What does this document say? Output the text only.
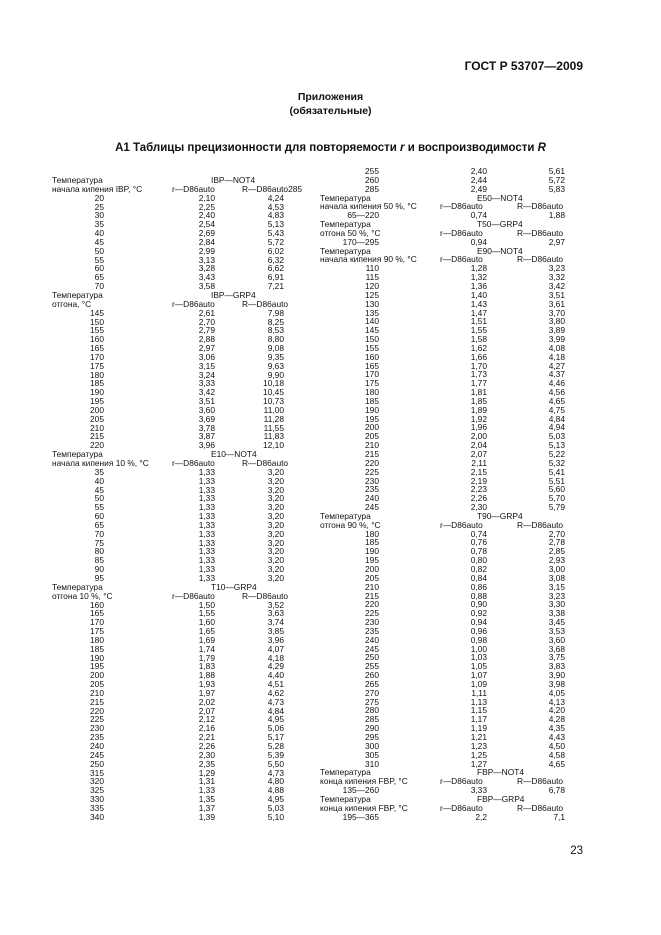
ГОСТ Р 53707—2009
Приложения
(обязательные)
А1 Таблицы прецизионности для повторяемости r и воспроизводимости R
Температура	IBP—NOT4
начала кипения IBP, °С	r—D86auto	R—D86auto285
20	2,10	4,24
25	2,25	4,53
30	2,40	4,83
35	2,54	5,13
40	2,69	5,43
45	2,84	5,72
50	2,99	6,02
55	3,13	6,32
60	3,28	6,62
65	3,43	6,91
70	3,58	7,21
Температура	IBP—GRP4
отгона, °С	r—D86auto	R—D86auto
145	2,61	7,98
150	2,70	8,25
155	2,79	8,53
160	2,88	8,80
165	2,97	9,08
170	3,06	9,35
175	3,15	9,63
180	3,24	9,90
185	3,33	10,18
190	3,42	10,45
195	3,51	10,73
200	3,60	11,00
205	3,69	11,28
210	3,78	11,55
215	3,87	11,83
220	3,96	12,10
Температура	E10—NOT4
начала кипения 10 %, °С	r—D86auto	R—D86auto
35	1,33	3,20
40	1,33	3,20
45	1,33	3,20
50	1,33	3,20
55	1,33	3,20
60	1,33	3,20
65	1,33	3,20
70	1,33	3,20
75	1,33	3,20
80	1,33	3,20
85	1,33	3,20
90	1,33	3,20
95	1,33	3,20
Температура	T10—GRP4
отгона 10 %, °С	r—D86auto	R—D86auto
160	1,50	3,52
165	1,55	3,63
170	1,60	3,74
175	1,65	3,85
180	1,69	3,96
185	1,74	4,07
190	1,79	4,18
195	1,83	4,29
200	1,88	4,40
205	1,93	4,51
210	1,97	4,62
215	2,02	4,73
220	2,07	4,84
225	2,12	4,95
230	2,16	5,06
235	2,21	5,17
240	2,26	5,28
245	2,30	5,39
250	2,35	5,50
315	1,29	4,73
320	1,31	4,80
325	1,33	4,88
330	1,35	4,95
335	1,37	5,03
340	1,39	5,10
255	2,40	5,61
260	2,44	5,72
285	2,49	5,83
Температура	E50—NOT4
начала кипения 50 %, °С	r—D86auto	R—D86auto
65—220	0,74	1,88
Температура	T50—GRP4
отгона 50 %, °С	r—D86auto	R—D86auto
170—295	0,94	2,97
Температура	E90—NOT4
начала кипения 90 %, °С	r—D86auto	R—D86auto
110	1,28	3,23
115	1,32	3,32
120	1,36	3,42
125	1,40	3,51
130	1,43	3,61
135	1,47	3,70
140	1,51	3,80
145	1,55	3,89
150	1,58	3,99
155	1,62	4,08
160	1,66	4,18
165	1,70	4,27
170	1,73	4,37
175	1,77	4,46
180	1,81	4,56
185	1,85	4,65
190	1,89	4,75
195	1,92	4,84
200	1,96	4,94
205	2,00	5,03
210	2,04	5,13
215	2,07	5,22
220	2,11	5,32
225	2,15	5,41
230	2,19	5,51
235	2,23	5,60
240	2,26	5,70
245	2,30	5,79
Температура	T90—GRP4
отгона 90 %, °С	r—D86auto	R—D86auto
180	0,74	2,70
185	0,76	2,78
190	0,78	2,85
195	0,80	2,93
200	0,82	3,00
205	0,84	3,08
210	0,86	3,15
215	0,88	3,23
220	0,90	3,30
225	0,92	3,38
230	0,94	3,45
235	0,96	3,53
240	0,98	3,60
245	1,00	3,68
250	1,03	3,75
255	1,05	3,83
260	1,07	3,90
265	1,09	3,98
270	1,11	4,05
275	1,13	4,13
280	1,15	4,20
285	1,17	4,28
290	1,19	4,35
295	1,21	4,43
300	1,23	4,50
305	1,25	4,58
310	1,27	4,65
Температура	FBP—NOT4
конца кипения FBP, °С	r—D86auto	R—D86auto
135—260	3,33	6,78
Температура	FBP—GRP4
конца кипения FBP, °С	r—D86auto	R—D86auto
195—365	2,2	7,1
23
